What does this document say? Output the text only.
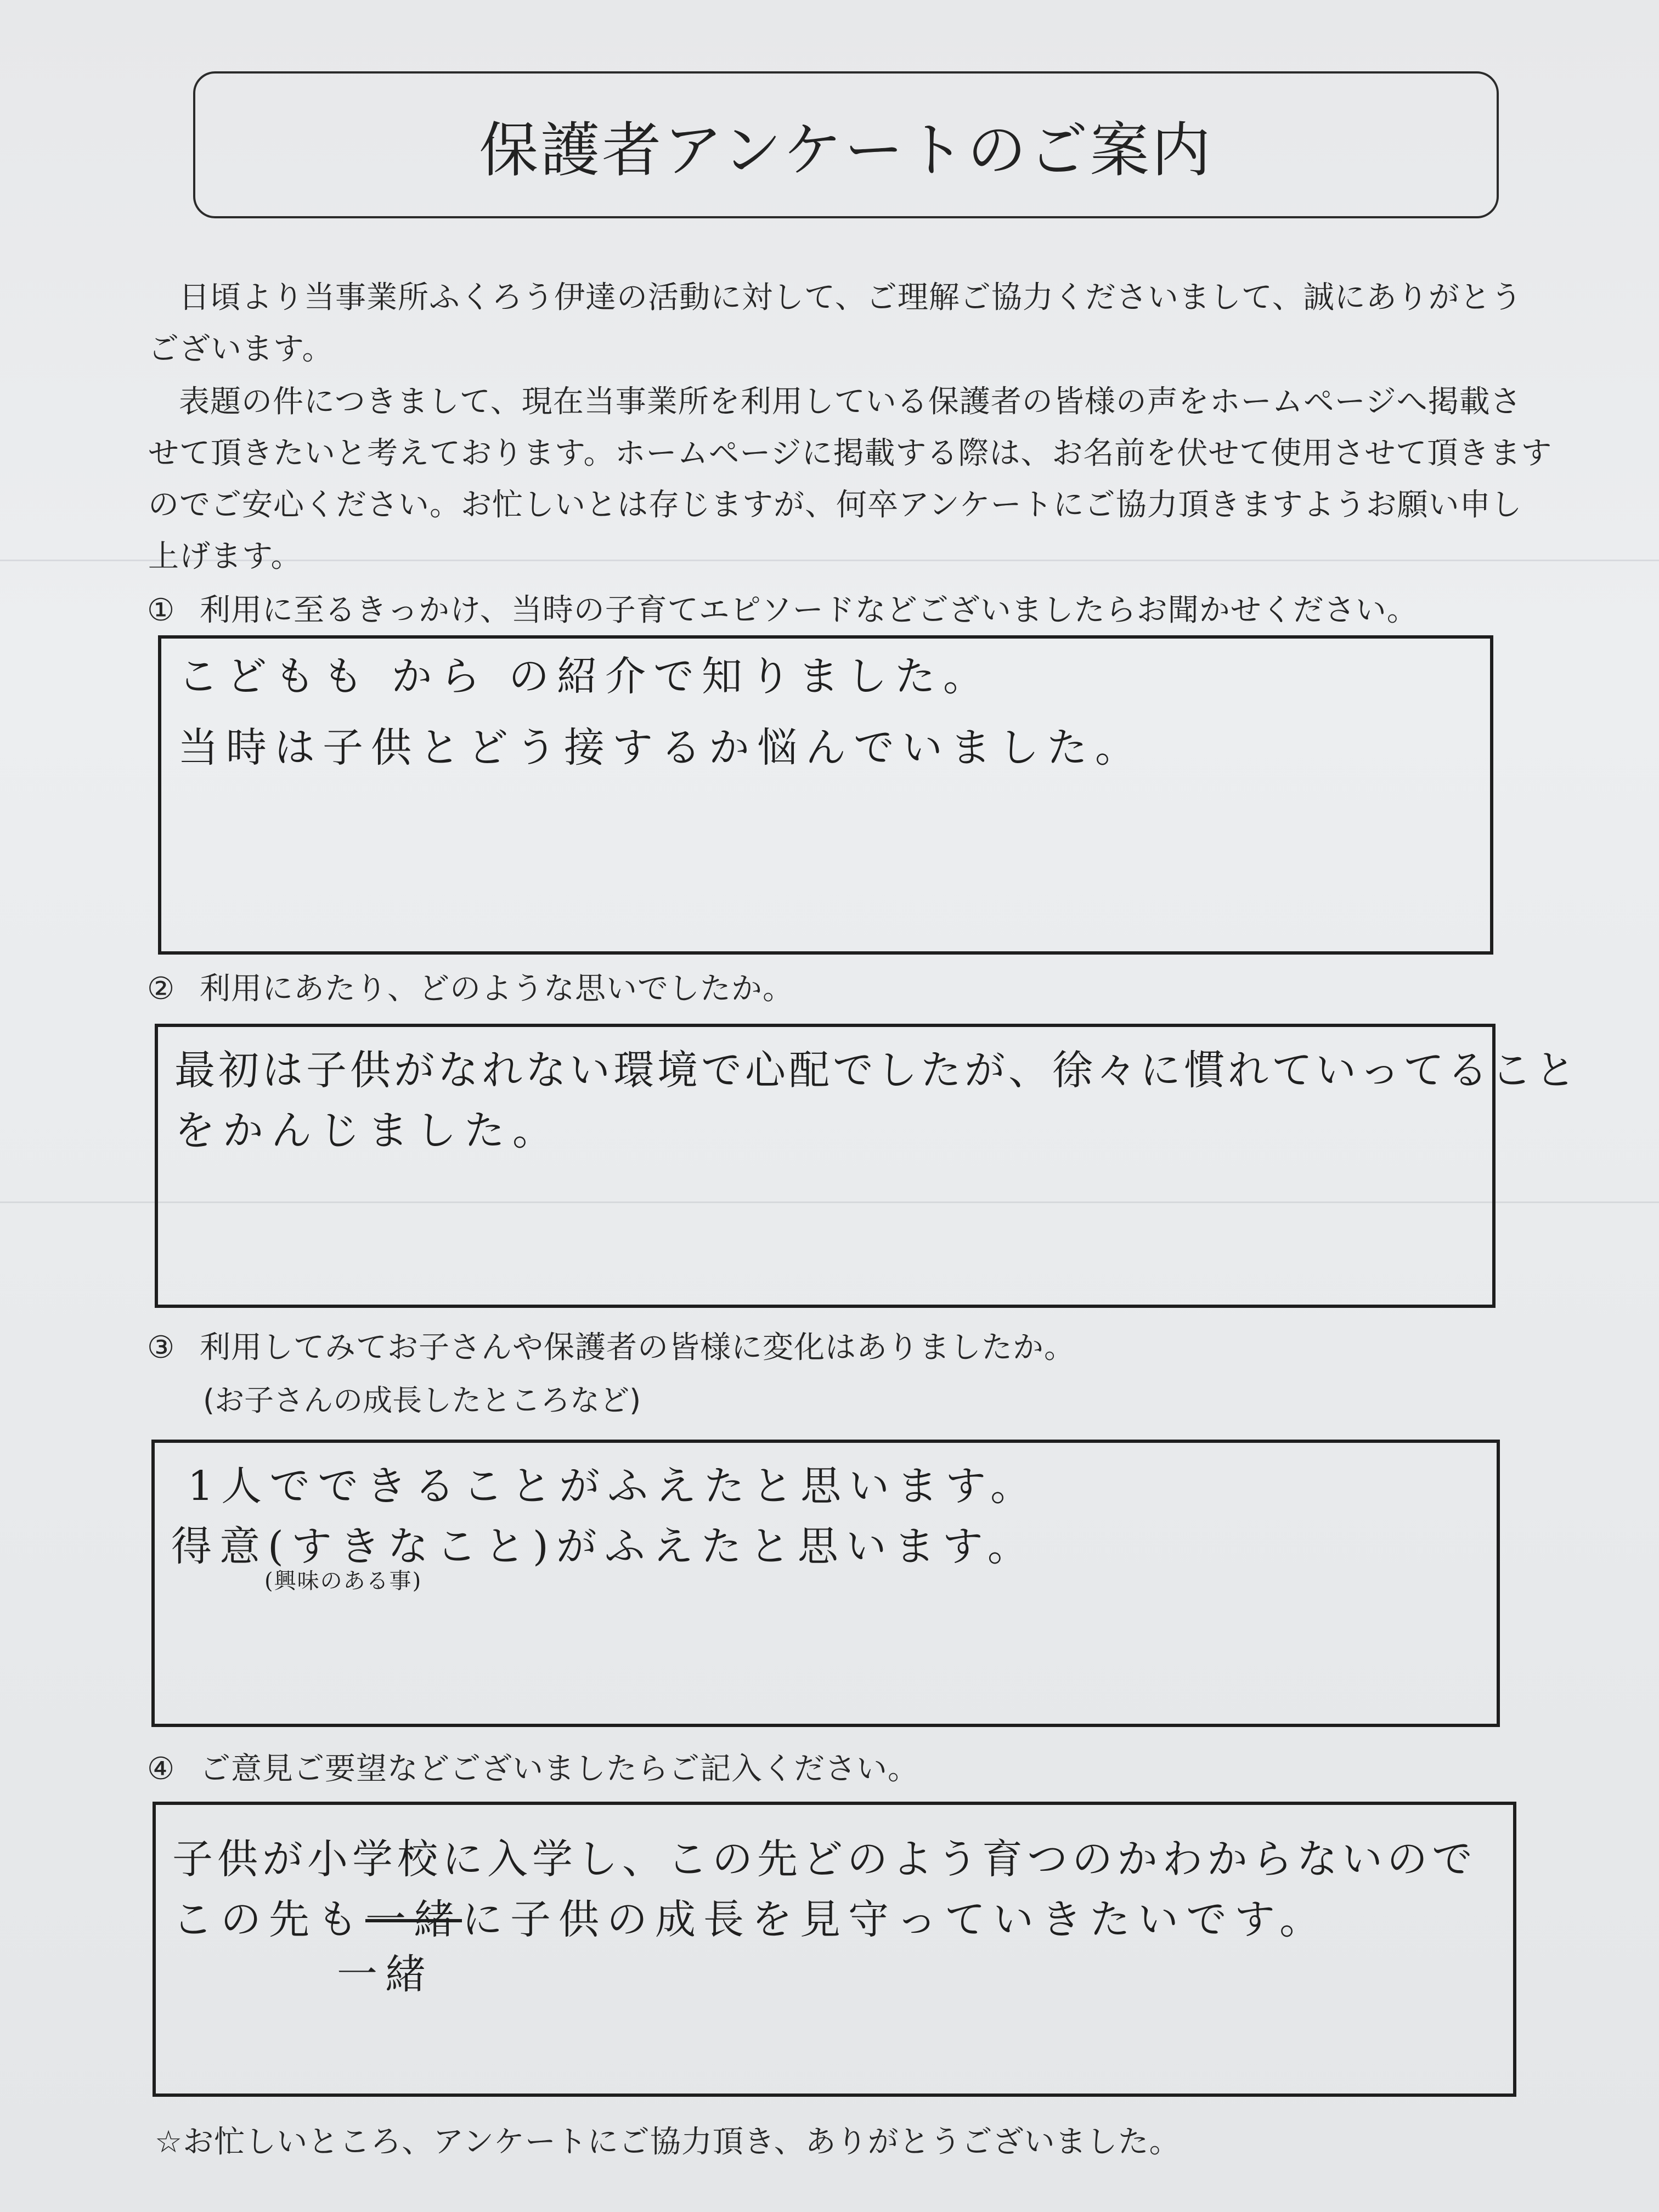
保護者アンケートのご案内
日頃より当事業所ふくろう伊達の活動に対して、ご理解ご協力くださいまして、誠にありがとうございます。
表題の件につきまして、現在当事業所を利用している保護者の皆様の声をホームページへ掲載させて頂きたいと考えております。ホームページに掲載する際は、お名前を伏せて使用させて頂きますのでご安心ください。お忙しいとは存じますが、何卒アンケートにご協力頂きますようお願い申し上げます。
① 利用に至るきっかけ、当時の子育てエピソードなどございましたらお聞かせください。
こどもも から の紹介で知りました。
当時は子供とどう接するか悩んでいました。
② 利用にあたり、どのような思いでしたか。
最初は子供がなれない環境で心配でしたが、徐々に慣れていってること
をかんじました。
③ 利用してみてお子さんや保護者の皆様に変化はありましたか。
(お子さんの成長したところなど)
1人でできることがふえたと思います。
得意(すきなこと)がふえたと思います。
(興味のある事)
④ ご意見ご要望などございましたらご記入ください。
子供が小学校に入学し、この先どのよう育つのかわからないので
この先も一緒に子供の成長を見守っていきたいです。
一緒
☆お忙しいところ、アンケートにご協力頂き、ありがとうございました。
